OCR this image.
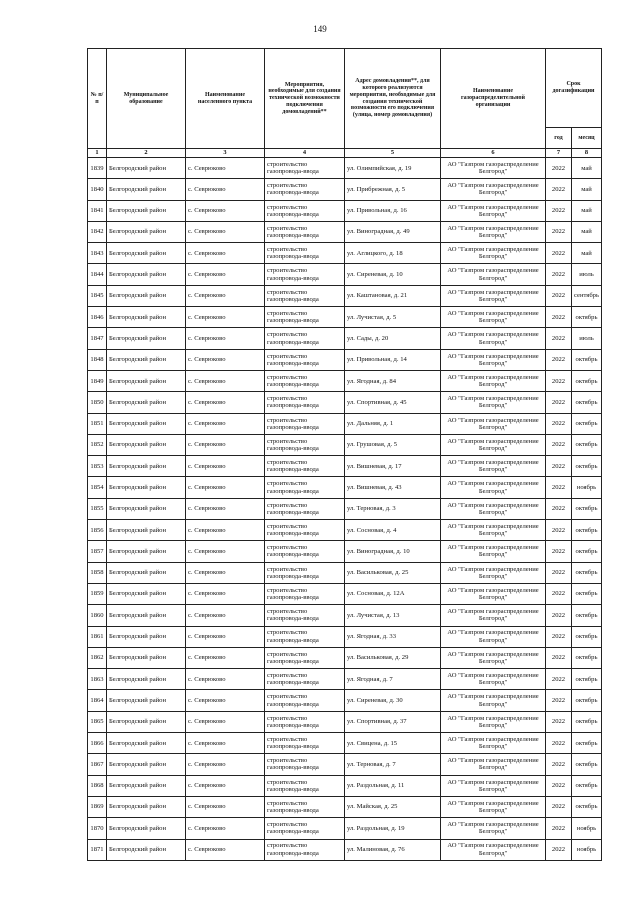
149
№ п/п	Муниципальное образование	Наименование населенного пункта	Мероприятия, необходимые для создания технической возможности подключения домовладений**	Адрес домовладения**, для которого реализуются мероприятия, необходимые для создания технической возможности его подключения (улица, номер домовладения)	Наименование газораспределительной организации	Срок догазификации	
						год	месяц
1	2	3	4	5	6	7	8
1839	Белгородский район	с. Севрюково	строительство газопровода-ввода	ул. Олимпийская, д. 19	АО "Газпром газораспределение Белгород"	2022	май
1840	Белгородский район	с. Севрюково	строительство газопровода-ввода	ул. Прибрежная, д. 5	АО "Газпром газораспределение Белгород"	2022	май
1841	Белгородский район	с. Севрюково	строительство газопровода-ввода	ул. Привольная, д. 16	АО "Газпром газораспределение Белгород"	2022	май
1842	Белгородский район	с. Севрюково	строительство газопровода-ввода	ул. Виноградная, д. 49	АО "Газпром газораспределение Белгород"	2022	май
1843	Белгородский район	с. Севрюково	строительство газопровода-ввода	ул. Аглицкого, д. 18	АО "Газпром газораспределение Белгород"	2022	май
1844	Белгородский район	с. Севрюково	строительство газопровода-ввода	ул. Сиреневая, д. 10	АО "Газпром газораспределение Белгород"	2022	июль
1845	Белгородский район	с. Севрюково	строительство газопровода-ввода	ул. Каштановая, д. 21	АО "Газпром газораспределение Белгород"	2022	сентябрь
1846	Белгородский район	с. Севрюково	строительство газопровода-ввода	ул. Лучистая, д. 5	АО "Газпром газораспределение Белгород"	2022	октябрь
1847	Белгородский район	с. Севрюково	строительство газопровода-ввода	ул. Сады, д. 20	АО "Газпром газораспределение Белгород"	2022	июль
1848	Белгородский район	с. Севрюково	строительство газопровода-ввода	ул. Привольная, д. 14	АО "Газпром газораспределение Белгород"	2022	октябрь
1849	Белгородский район	с. Севрюково	строительство газопровода-ввода	ул. Ягодная, д. 84	АО "Газпром газораспределение Белгород"	2022	октябрь
1850	Белгородский район	с. Севрюково	строительство газопровода-ввода	ул. Спортивная, д. 45	АО "Газпром газораспределение Белгород"	2022	октябрь
1851	Белгородский район	с. Севрюково	строительство газопровода-ввода	ул. Дальняя, д. 1	АО "Газпром газораспределение Белгород"	2022	октябрь
1852	Белгородский район	с. Севрюково	строительство газопровода-ввода	ул. Грушовая, д. 5	АО "Газпром газораспределение Белгород"	2022	октябрь
1853	Белгородский район	с. Севрюково	строительство газопровода-ввода	ул. Вишневая, д. 17	АО "Газпром газораспределение Белгород"	2022	октябрь
1854	Белгородский район	с. Севрюково	строительство газопровода-ввода	ул. Вишневая, д. 43	АО "Газпром газораспределение Белгород"	2022	ноябрь
1855	Белгородский район	с. Севрюково	строительство газопровода-ввода	ул. Терновая, д. 3	АО "Газпром газораспределение Белгород"	2022	октябрь
1856	Белгородский район	с. Севрюково	строительство газопровода-ввода	ул. Сосновая, д. 4	АО "Газпром газораспределение Белгород"	2022	октябрь
1857	Белгородский район	с. Севрюково	строительство газопровода-ввода	ул. Виноградная, д. 10	АО "Газпром газораспределение Белгород"	2022	октябрь
1858	Белгородский район	с. Севрюково	строительство газопровода-ввода	ул. Васильковая, д. 25	АО "Газпром газораспределение Белгород"	2022	октябрь
1859	Белгородский район	с. Севрюково	строительство газопровода-ввода	ул. Сосновая, д. 12А	АО "Газпром газораспределение Белгород"	2022	октябрь
1860	Белгородский район	с. Севрюково	строительство газопровода-ввода	ул. Лучистая, д. 13	АО "Газпром газораспределение Белгород"	2022	октябрь
1861	Белгородский район	с. Севрюково	строительство газопровода-ввода	ул. Ягодная, д. 33	АО "Газпром газораспределение Белгород"	2022	октябрь
1862	Белгородский район	с. Севрюково	строительство газопровода-ввода	ул. Васильковая, д. 29	АО "Газпром газораспределение Белгород"	2022	октябрь
1863	Белгородский район	с. Севрюково	строительство газопровода-ввода	ул. Ягодная, д. 7	АО "Газпром газораспределение Белгород"	2022	октябрь
1864	Белгородский район	с. Севрюково	строительство газопровода-ввода	ул. Сиреневая, д. 30	АО "Газпром газораспределение Белгород"	2022	октябрь
1865	Белгородский район	с. Севрюково	строительство газопровода-ввода	ул. Спортивная, д. 37	АО "Газпром газораспределение Белгород"	2022	октябрь
1866	Белгородский район	с. Севрюково	строительство газопровода-ввода	ул. Свицена, д. 15	АО "Газпром газораспределение Белгород"	2022	октябрь
1867	Белгородский район	с. Севрюково	строительство газопровода-ввода	ул. Терновая, д. 7	АО "Газпром газораспределение Белгород"	2022	октябрь
1868	Белгородский район	с. Севрюково	строительство газопровода-ввода	ул. Раздольная, д. 11	АО "Газпром газораспределение Белгород"	2022	октябрь
1869	Белгородский район	с. Севрюково	строительство газопровода-ввода	ул. Майская, д. 25	АО "Газпром газораспределение Белгород"	2022	октябрь
1870	Белгородский район	с. Севрюково	строительство газопровода-ввода	ул. Раздольная, д. 19	АО "Газпром газораспределение Белгород"	2022	ноябрь
1871	Белгородский район	с. Севрюково	строительство газопровода-ввода	ул. Малиновая, д. 76	АО "Газпром газораспределение Белгород"	2022	ноябрь
